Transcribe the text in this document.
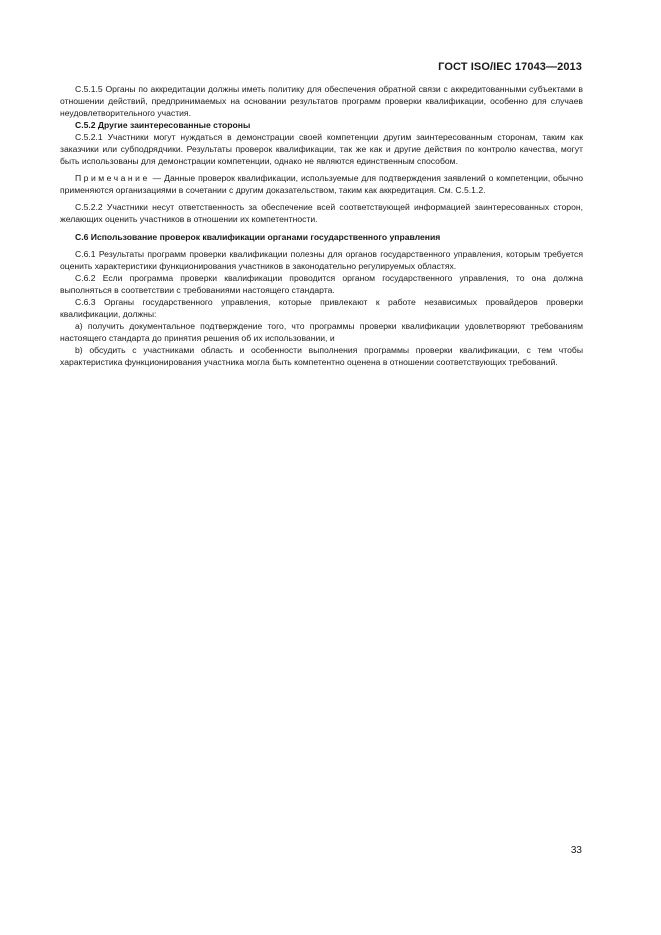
ГОСТ ISO/IEC 17043—2013

С.5.1.5 Органы по аккредитации должны иметь политику для обеспечения обратной связи с аккредитованными субъектами в отношении действий, предпринимаемых на основании результатов программ проверки квалификации, особенно для случаев неудовлетворительного участия.

С.5.2 Другие заинтересованные стороны

С.5.2.1 Участники могут нуждаться в демонстрации своей компетенции другим заинтересованным сторонам, таким как заказчики или субподрядчики. Результаты проверок квалификации, так же как и другие действия по контролю качества, могут быть использованы для демонстрации компетенции, однако не являются единственным способом.

Примечание — Данные проверок квалификации, используемые для подтверждения заявлений о компетенции, обычно применяются организациями в сочетании с другим доказательством, таким как аккредитация. См. С.5.1.2.

С.5.2.2 Участники несут ответственность за обеспечение всей соответствующей информацией заинтересованных сторон, желающих оценить участников в отношении их компетентности.

С.6 Использование проверок квалификации органами государственного управления

С.6.1 Результаты программ проверки квалификации полезны для органов государственного управления, которым требуется оценить характеристики функционирования участников в законодательно регулируемых областях.

С.6.2 Если программа проверки квалификации проводится органом государственного управления, то она должна выполняться в соответствии с требованиями настоящего стандарта.

С.6.3 Органы государственного управления, которые привлекают к работе независимых провайдеров проверки квалификации, должны:

a) получить документальное подтверждение того, что программы проверки квалификации удовлетворяют требованиям настоящего стандарта до принятия решения об их использовании, и

b) обсудить с участниками область и особенности выполнения программы проверки квалификации, с тем чтобы характеристика функционирования участника могла быть компетентно оценена в отношении соответствующих требований.

33
